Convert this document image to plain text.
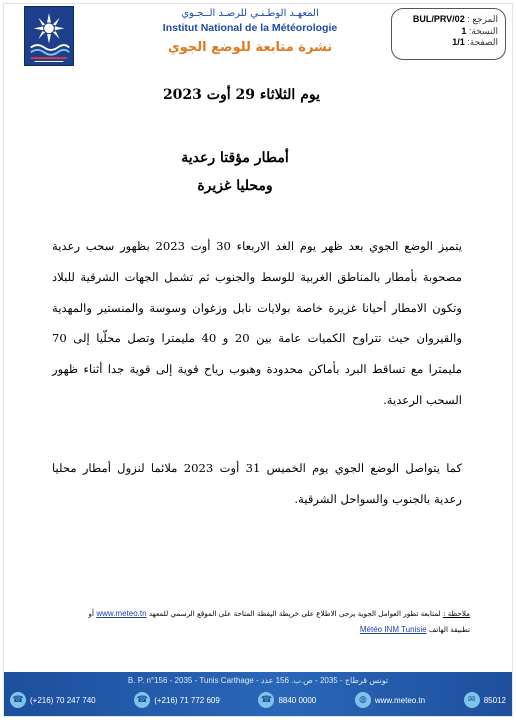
المرجع : BUL/PRV/02
النسخة: 1
الصفحة: 1/1
المعهـد الوطـنـي للرصـد الــجـوي
Institut National de la Météorologie
نشرة متابعة للوضع الجوي
يوم الثلاثاء 29 أوت 2023
أمطار مؤقتا رعدية
ومحليا غزيرة

يتميز الوضع الجوي بعد ظهر يوم الغد الاربعاء 30 أوت 2023 بظهور سحب رعدية مصحوبة بأمطار بالمناطق الغربية للوسط والجنوب ثم تشمل الجهات الشرقية للبلاد وتكون الامطار أحيانا غزيرة خاصة بولايات نابل وزغوان وسوسة والمنستير والمهدية والقيروان حيث تتراوح الكميات عامة بين 20 و 40 مليمترا وتصل محلّيا إلى 70 مليمترا مع تساقط البرد بأماكن محدودة وهبوب رياح قوية إلى قوية جدا أثناء ظهور السحب الرعدية.

كما يتواصل الوضع الجوي يوم الخميس 31 أوت 2023 ملائما لنزول أمطار محليا رعدية بالجنوب والسواحل الشرقية.

ملاحظة : لمتابعة تطور العوامل الجوية يرجى الاطلاع على خريطة اليقظة المتاحة على الموقع الرسمي للمعهد www.meteo.tn أو
تطبيقة الهاتف Météo INM Tunisie
B. P. n°156 - 2035 - Tunis Carthage - تونس قرطاج - 2035 - ص.ب. 156 عدد
☎ (+216) 70 247 740	☎ (+216) 71 772 609	☎ 8840 0000	◍	www.meteo.tn	✉	85012
